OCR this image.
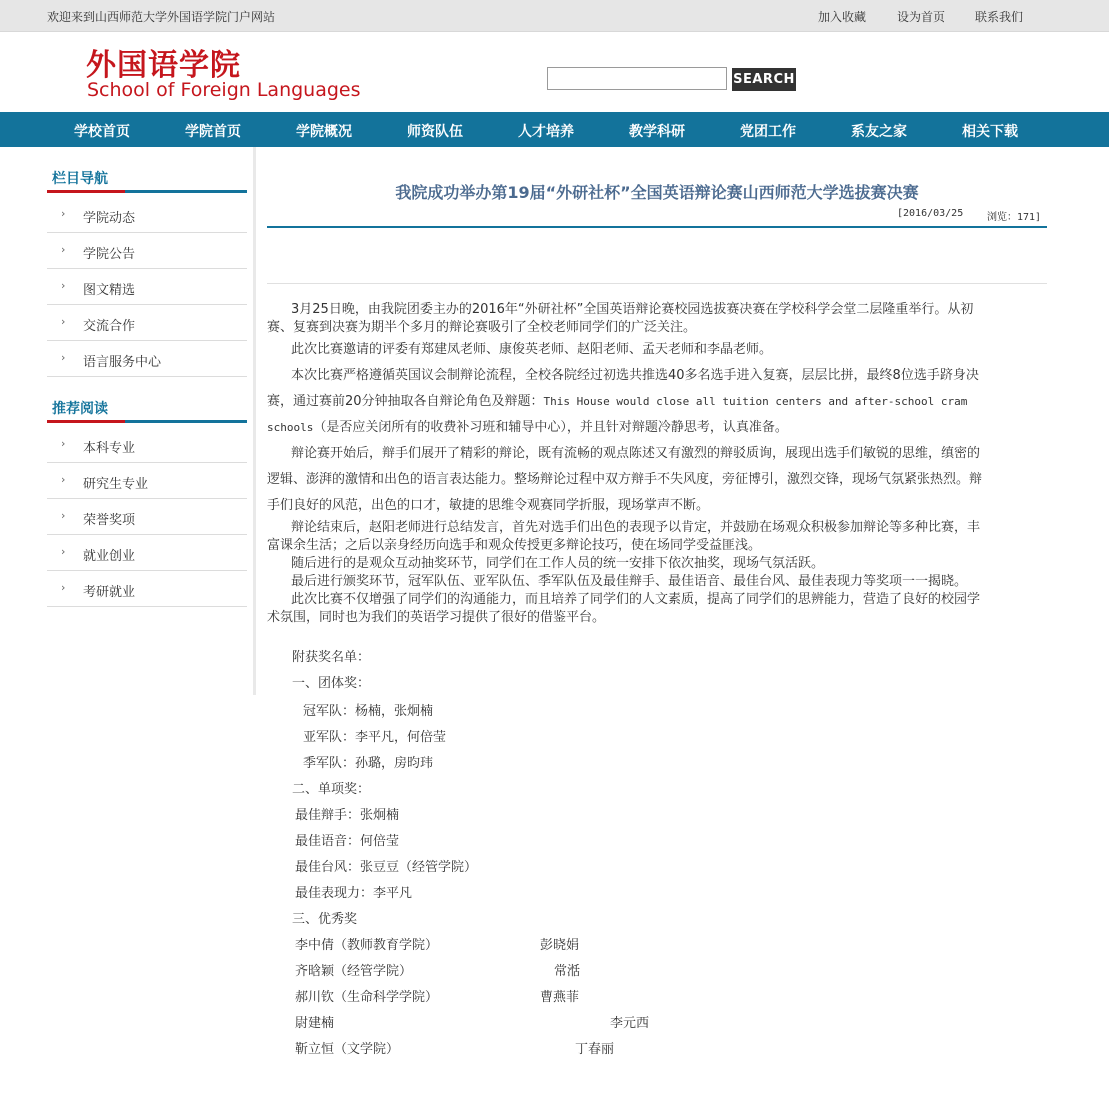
欢迎来到山西师范大学外国语学院门户网站	加入收藏	设为首页 联系我们
外国语学院
School of Foreign Languages	SEARCH
学校首页	学院首页	学院概况	师资队伍	人才培养	教学科研	党团工作	系友之家	相关下载
栏目导航
› 学院动态
› 学院公告
› 图文精选
› 交流合作
› 语言服务中心
推荐阅读
› 本科专业
› 研究生专业
› 荣誉奖项
› 就业创业
› 考研就业
我院成功举办第19届“外研社杯”全国英语辩论赛山西师范大学选拔赛决赛
[2016/03/25 浏览：171]
3月25日晚，由我院团委主办的2016年“外研社杯”全国英语辩论赛校园选拔赛决赛在学校科学会堂二层隆重举行。从初
赛、复赛到决赛为期半个多月的辩论赛吸引了全校老师同学们的广泛关注。
此次比赛邀请的评委有郑建凤老师、康俊英老师、赵阳老师、孟天老师和李晶老师。
本次比赛严格遵循英国议会制辩论流程，全校各院经过初选共推选40多名选手进入复赛，层层比拼，最终8位选手跻身决
赛，通过赛前20分钟抽取各自辩论角色及辩题：This House would close all tuition centers and after-school cram
schools（是否应关闭所有的收费补习班和辅导中心），并且针对辩题冷静思考，认真准备。
辩论赛开始后，辩手们展开了精彩的辩论，既有流畅的观点陈述又有激烈的辩驳质询，展现出选手们敏锐的思维，缜密的
逻辑、澎湃的激情和出色的语言表达能力。整场辩论过程中双方辩手不失风度，旁征博引，激烈交锋，现场气氛紧张热烈。辩
手们良好的风范，出色的口才，敏捷的思维令观赛同学折服，现场掌声不断。
辩论结束后，赵阳老师进行总结发言，首先对选手们出色的表现予以肯定，并鼓励在场观众积极参加辩论等多种比赛，丰
富课余生活；之后以亲身经历向选手和观众传授更多辩论技巧，使在场同学受益匪浅。
随后进行的是观众互动抽奖环节，同学们在工作人员的统一安排下依次抽奖，现场气氛活跃。
最后进行颁奖环节，冠军队伍、亚军队伍、季军队伍及最佳辩手、最佳语音、最佳台风、最佳表现力等奖项一一揭晓。
此次比赛不仅增强了同学们的沟通能力，而且培养了同学们的人文素质，提高了同学们的思辨能力，营造了良好的校园学
术氛围，同时也为我们的英语学习提供了很好的借鉴平台。
附获奖名单：
一、团体奖：
冠军队：杨楠，张炯楠
亚军队：李平凡，何倍莹
季军队：孙璐，房昀玮
二、单项奖：
最佳辩手：张炯楠
最佳语音：何倍莹
最佳台风：张豆豆（经管学院）
最佳表现力：李平凡
三、优秀奖
李中倩（教师教育学院）	彭晓娟
齐晗颖（经管学院）	常湉
郝川钦（生命科学学院）	曹燕菲
尉建楠	李元西
靳立恒（文学院）	丁春丽
